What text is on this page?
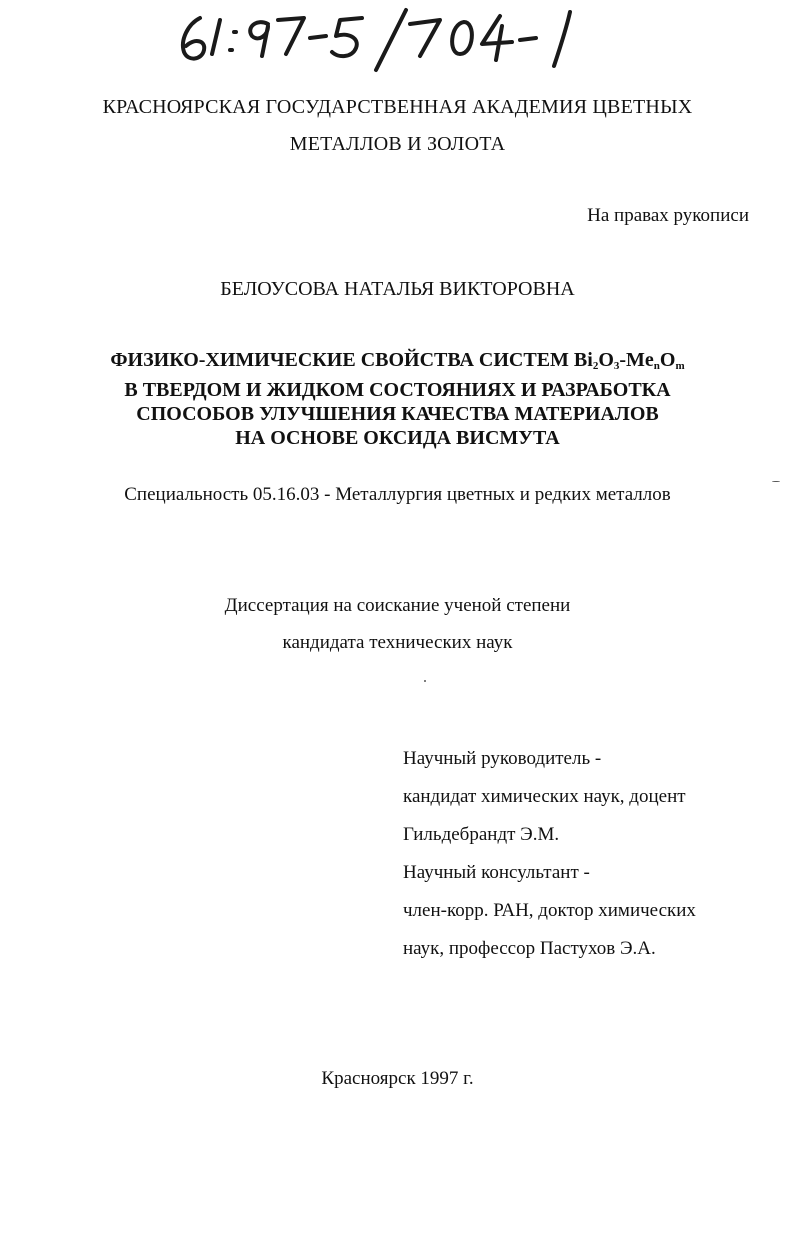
КРАСНОЯРСКАЯ ГОСУДАРСТВЕННАЯ АКАДЕМИЯ ЦВЕТНЫХ
МЕТАЛЛОВ И ЗОЛОТА
На правах рукописи
БЕЛОУСОВА НАТАЛЬЯ ВИКТОРОВНА
ФИЗИКО-ХИМИЧЕСКИЕ СВОЙСТВА СИСТЕМ $Bi_2O_3-Me_nO_m$
В ТВЕРДОМ И ЖИДКОМ СОСТОЯНИЯХ И РАЗРАБОТКА
СПОСОБОВ УЛУЧШЕНИЯ КАЧЕСТВА МАТЕРИАЛОВ
НА ОСНОВЕ ОКСИДА ВИСМУТА
Специальность 05.16.03 - Металлургия цветных и редких металлов
Диссертация на соискание ученой степени
кандидата технических наук
Научный руководитель -
кандидат химических наук, доцент
Гильдебрандт Э.М.
Научный консультант -
член-корр. РАН, доктор химических
наук, профессор Пастухов Э.А.
Красноярск 1997 г.
